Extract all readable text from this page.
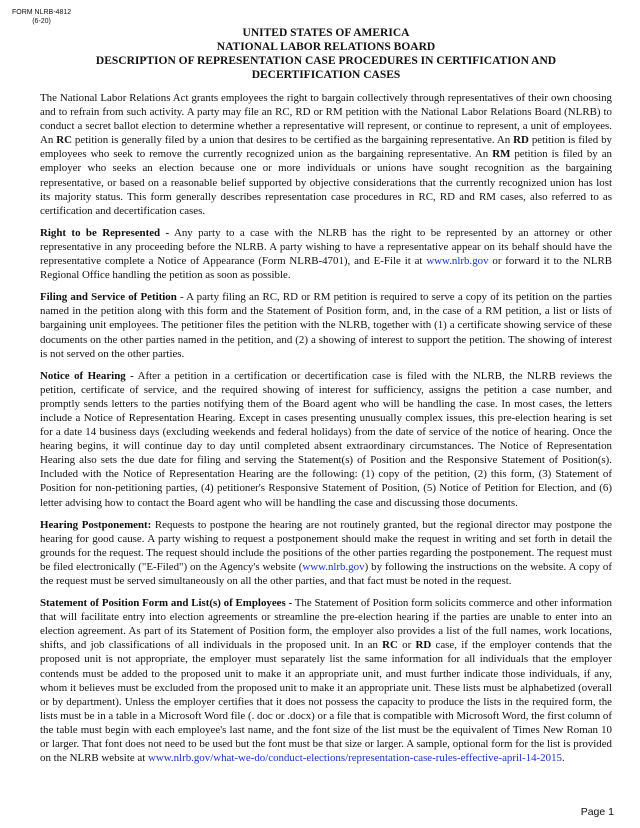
FORM NLRB-4812
(6-20)
UNITED STATES OF AMERICA
NATIONAL LABOR RELATIONS BOARD
DESCRIPTION OF REPRESENTATION CASE PROCEDURES IN CERTIFICATION AND
DECERTIFICATION CASES

The National Labor Relations Act grants employees the right to bargain collectively through representatives of their own choosing and to refrain from such activity. A party may file an RC, RD or RM petition with the National Labor Relations Board (NLRB) to conduct a secret ballot election to determine whether a representative will represent, or continue to represent, a unit of employees. An RC petition is generally filed by a union that desires to be certified as the bargaining representative. An RD petition is filed by employees who seek to remove the currently recognized union as the bargaining representative. An RM petition is filed by an employer who seeks an election because one or more individuals or unions have sought recognition as the bargaining representative, or based on a reasonable belief supported by objective considerations that the currently recognized union has lost its majority status. This form generally describes representation case procedures in RC, RD and RM cases, also referred to as certification and decertification cases.

Right to be Represented - Any party to a case with the NLRB has the right to be represented by an attorney or other representative in any proceeding before the NLRB. A party wishing to have a representative appear on its behalf should have the representative complete a Notice of Appearance (Form NLRB-4701), and E-File it at www.nlrb.gov or forward it to the NLRB Regional Office handling the petition as soon as possible.

Filing and Service of Petition - A party filing an RC, RD or RM petition is required to serve a copy of its petition on the parties named in the petition along with this form and the Statement of Position form, and, in the case of a RM petition, a list or lists of bargaining unit employees. The petitioner files the petition with the NLRB, together with (1) a certificate showing service of these documents on the other parties named in the petition, and (2) a showing of interest to support the petition. The showing of interest is not served on the other parties.

Notice of Hearing - After a petition in a certification or decertification case is filed with the NLRB, the NLRB reviews the petition, certificate of service, and the required showing of interest for sufficiency, assigns the petition a case number, and promptly sends letters to the parties notifying them of the Board agent who will be handling the case. In most cases, the letters include a Notice of Representation Hearing. Except in cases presenting unusually complex issues, this pre-election hearing is set for a date 14 business days (excluding weekends and federal holidays) from the date of service of the notice of hearing. Once the hearing begins, it will continue day to day until completed absent extraordinary circumstances. The Notice of Representation Hearing also sets the due date for filing and serving the Statement(s) of Position and the Responsive Statement of Position(s). Included with the Notice of Representation Hearing are the following: (1) copy of the petition, (2) this form, (3) Statement of Position for non-petitioning parties, (4) petitioner's Responsive Statement of Position, (5) Notice of Petition for Election, and (6) letter advising how to contact the Board agent who will be handling the case and discussing those documents.

Hearing Postponement: Requests to postpone the hearing are not routinely granted, but the regional director may postpone the hearing for good cause. A party wishing to request a postponement should make the request in writing and set forth in detail the grounds for the request. The request should include the positions of the other parties regarding the postponement. The request must be filed electronically ("E-Filed") on the Agency's website (www.nlrb.gov) by following the instructions on the website. A copy of the request must be served simultaneously on all the other parties, and that fact must be noted in the request.

Statement of Position Form and List(s) of Employees - The Statement of Position form solicits commerce and other information that will facilitate entry into election agreements or streamline the pre-election hearing if the parties are unable to enter into an election agreement. As part of its Statement of Position form, the employer also provides a list of the full names, work locations, shifts, and job classifications of all individuals in the proposed unit. In an RC or RD case, if the employer contends that the proposed unit is not appropriate, the employer must separately list the same information for all individuals that the employer contends must be added to the proposed unit to make it an appropriate unit, and must further indicate those individuals, if any, whom it believes must be excluded from the proposed unit to make it an appropriate unit. These lists must be alphabetized (overall or by department). Unless the employer certifies that it does not possess the capacity to produce the lists in the required form, the lists must be in a table in a Microsoft Word file (. doc or .docx) or a file that is compatible with Microsoft Word, the first column of the table must begin with each employee's last name, and the font size of the list must be the equivalent of Times New Roman 10 or larger. That font does not need to be used but the font must be that size or larger. A sample, optional form for the list is provided on the NLRB website at www.nlrb.gov/what-we-do/conduct-elections/representation-case-rules-effective-april-14-2015.

Page 1
